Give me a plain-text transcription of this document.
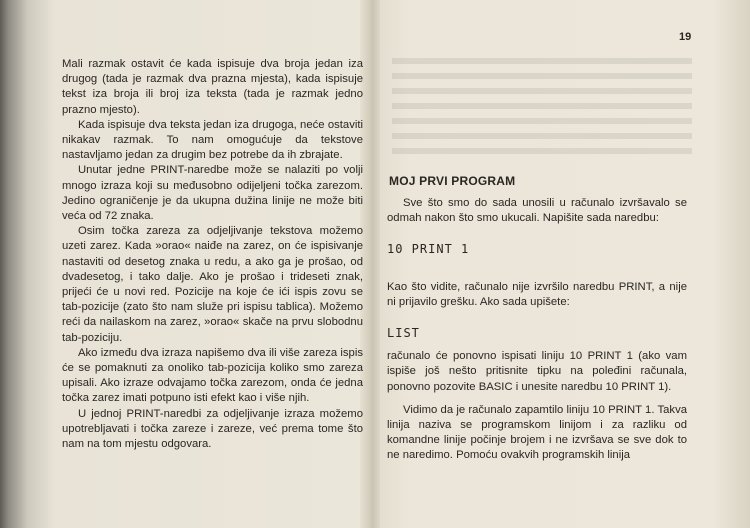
19

Mali razmak ostavit će kada ispisuje dva broja jedan iza drugog (tada je razmak dva prazna mjesta), kada ispisuje tekst iza broja ili broj iza teksta (tada je razmak jedno prazno mjesto).

Kada ispisuje dva teksta jedan iza drugoga, neće ostaviti nikakav razmak. To nam omogućuje da tekstove nastavljamo jedan za drugim bez potrebe da ih zbrajate.

Unutar jedne PRINT-naredbe može se nalaziti po volji mnogo izraza koji su međusobno odijeljeni točka zarezom. Jedino ograničenje je da ukupna dužina linije ne može biti veća od 72 znaka.

Osim točka zareza za odjeljivanje tekstova možemo uzeti zarez. Kada »orao« naiđe na zarez, on će ispisivanje nastaviti od desetog znaka u redu, a ako ga je prošao, od dvadesetog, i tako dalje. Ako je prošao i trideseti znak, prijeći će u novi red. Pozicije na koje će ići ispis zovu se tab-pozicije (zato što nam služe pri ispisu tablica). Možemo reći da nailaskom na zarez, »orao« skače na prvu slobodnu tab-poziciju.

Ako između dva izraza napišemo dva ili više zareza ispis će se pomaknuti za onoliko tab-pozicija koliko smo zareza upisali. Ako izraze odvajamo točka zarezom, onda će jedna točka zarez imati potpuno isti efekt kao i više njih.

U jednoj PRINT-naredbi za odjeljivanje izraza možemo upotrebljavati i točka zareze i zareze, već prema tome što nam na tom mjestu odgovara.

MOJ PRVI PROGRAM

Sve što smo do sada unosili u računalo izvršavalo se odmah nakon što smo ukucali. Napišite sada naredbu:

10 PRINT 1

Kao što vidite, računalo nije izvršilo naredbu PRINT, a nije ni prijavilo grešku. Ako sada upišete:

LIST

računalo će ponovno ispisati liniju 10 PRINT 1 (ako vam ispiše još nešto pritisnite tipku na poleđini računala, ponovno pozovite BASIC i unesite naredbu 10 PRINT 1).

Vidimo da je računalo zapamtilo liniju 10 PRINT 1. Takva linija naziva se programskom linijom i za razliku od komandne linije počinje brojem i ne izvršava se sve dok to ne naredimo. Pomoću ovakvih programskih linija
